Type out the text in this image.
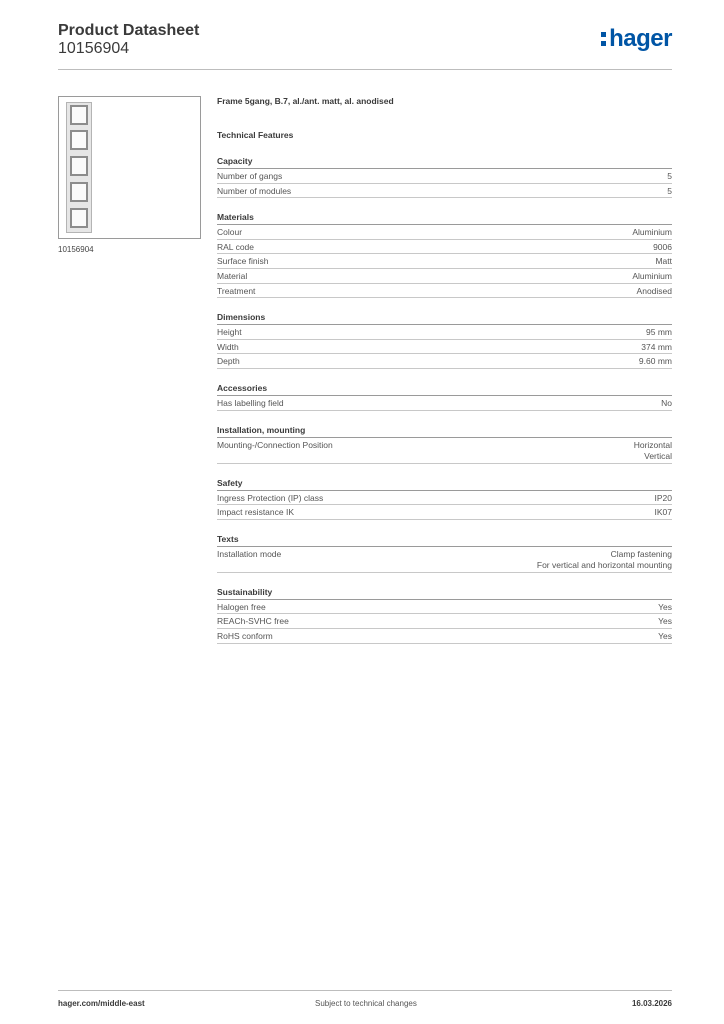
Product Datasheet
10156904	hager
10156904
Frame 5gang, B.7, al./ant. matt, al. anodised
Technical Features
Capacity
Number of gangs	5
Number of modules	5
Materials
Colour	Aluminium
RAL code	9006
Surface finish	Matt
Material	Aluminium
Treatment	Anodised
Dimensions
Height	95 mm
Width	374 mm
Depth	9.60 mm
Accessories
Has labelling field	No
Installation, mounting
Mounting-/Connection Position	Horizontal
Vertical
Safety
Ingress Protection (IP) class	IP20
Impact resistance IK	IK07
Texts
Installation mode	Clamp fastening
For vertical and horizontal mounting
Sustainability
Halogen free	Yes
REACh-SVHC free	Yes
RoHS conform	Yes
hager.com/middle-east	Subject to technical changes	16.03.2026
